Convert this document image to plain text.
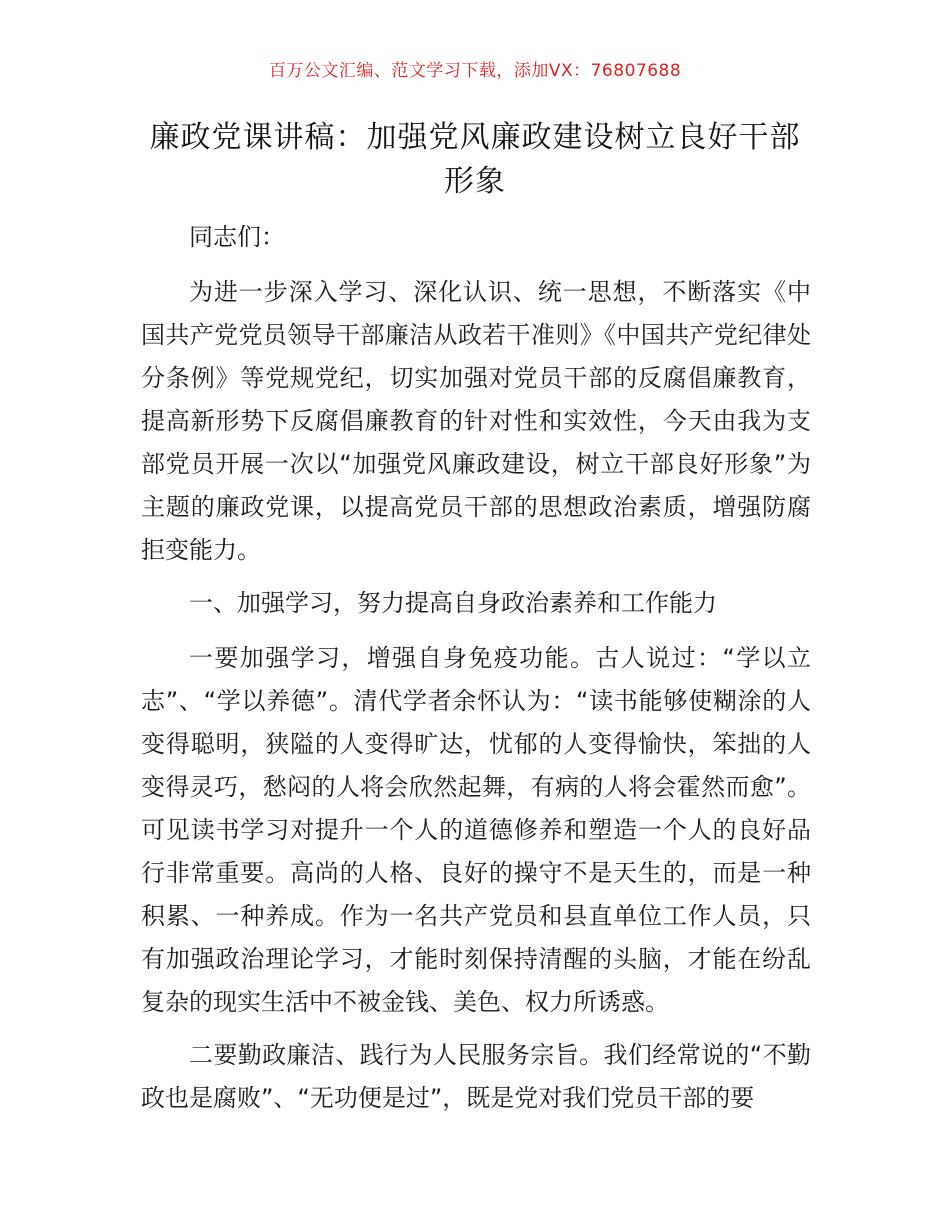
百万公文汇编、范文学习下载，添加VX：76807688
廉政党课讲稿：加强党风廉政建设树立良好干部形象

同志们：

为进一步深入学习、深化认识、统一思想，不断落实《中国共产党党员领导干部廉洁从政若干准则》《中国共产党纪律处分条例》等党规党纪，切实加强对党员干部的反腐倡廉教育，提高新形势下反腐倡廉教育的针对性和实效性，今天由我为支部党员开展一次以“加强党风廉政建设，树立干部良好形象”为主题的廉政党课，以提高党员干部的思想政治素质，增强防腐拒变能力。

一、加强学习，努力提高自身政治素养和工作能力

一要加强学习，增强自身免疫功能。古人说过：“学以立志”、“学以养德”。清代学者余怀认为：“读书能够使糊涂的人变得聪明，狭隘的人变得旷达，忧郁的人变得愉快，笨拙的人变得灵巧，愁闷的人将会欣然起舞，有病的人将会霍然而愈”。可见读书学习对提升一个人的道德修养和塑造一个人的良好品行非常重要。高尚的人格、良好的操守不是天生的，而是一种积累、一种养成。作为一名共产党员和县直单位工作人员，只有加强政治理论学习，才能时刻保持清醒的头脑，才能在纷乱复杂的现实生活中不被金钱、美色、权力所诱惑。

二要勤政廉洁、践行为人民服务宗旨。我们经常说的“不勤政也是腐败”、“无功便是过”，既是党对我们党员干部的要
